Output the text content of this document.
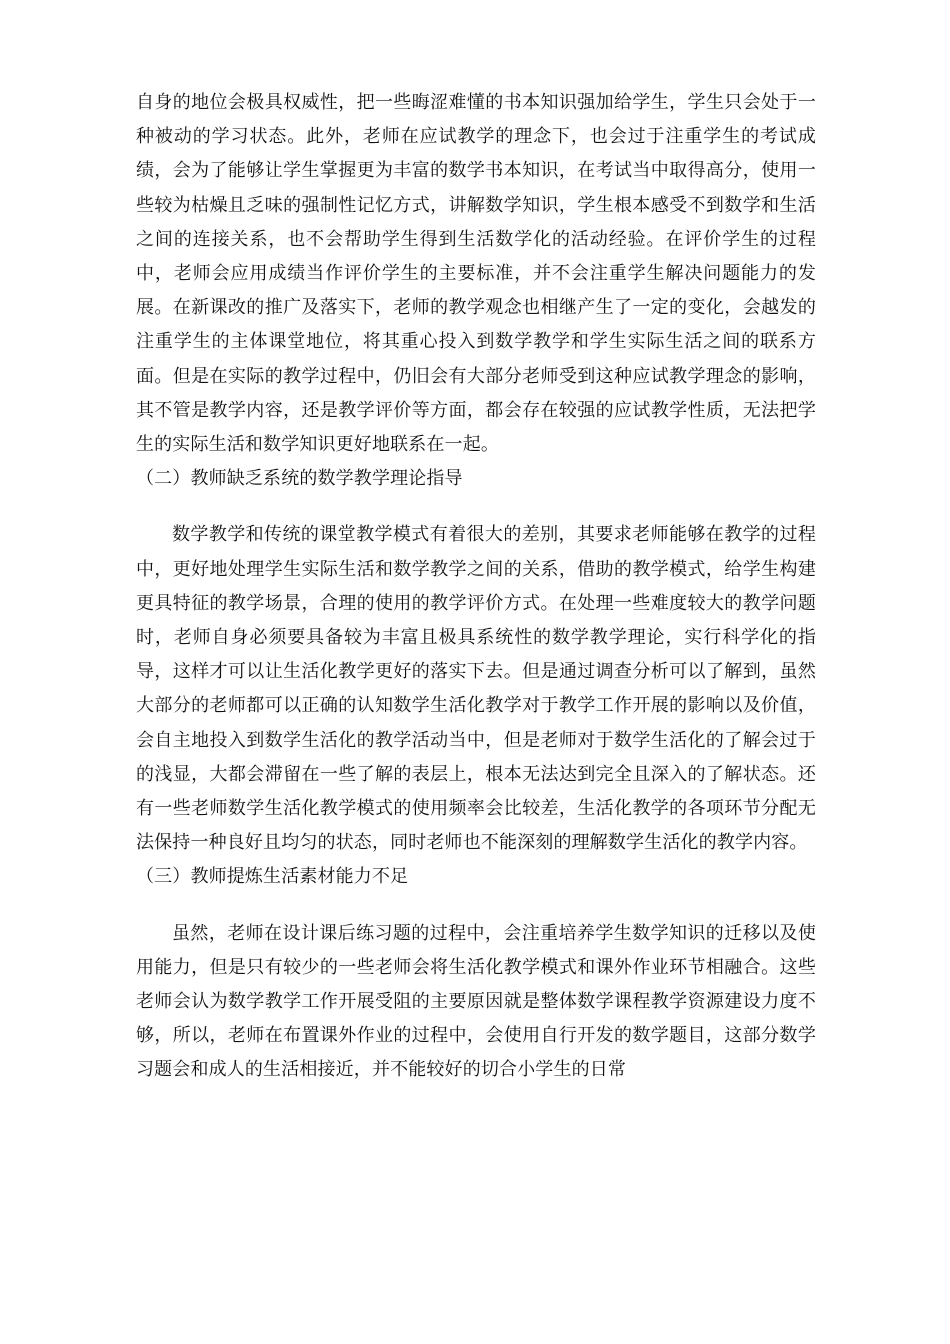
自身的地位会极具权威性，把一些晦涩难懂的书本知识强加给学生，学生只会处于一种被动的学习状态。此外，老师在应试教学的理念下，也会过于注重学生的考试成绩，会为了能够让学生掌握更为丰富的数学书本知识，在考试当中取得高分，使用一些较为枯燥且乏味的强制性记忆方式，讲解数学知识，学生根本感受不到数学和生活之间的连接关系，也不会帮助学生得到生活数学化的活动经验。在评价学生的过程中，老师会应用成绩当作评价学生的主要标准，并不会注重学生解决问题能力的发展。在新课改的推广及落实下，老师的教学观念也相继产生了一定的变化，会越发的注重学生的主体课堂地位，将其重心投入到数学教学和学生实际生活之间的联系方面。但是在实际的教学过程中，仍旧会有大部分老师受到这种应试教学理念的影响，其不管是教学内容，还是教学评价等方面，都会存在较强的应试教学性质，无法把学生的实际生活和数学知识更好地联系在一起。

（二）教师缺乏系统的数学教学理论指导

数学教学和传统的课堂教学模式有着很大的差别，其要求老师能够在教学的过程中，更好地处理学生实际生活和数学教学之间的关系，借助的教学模式，给学生构建更具特征的教学场景，合理的使用的教学评价方式。在处理一些难度较大的教学问题时，老师自身必须要具备较为丰富且极具系统性的数学教学理论，实行科学化的指导，这样才可以让生活化教学更好的落实下去。但是通过调查分析可以了解到，虽然大部分的老师都可以正确的认知数学生活化教学对于教学工作开展的影响以及价值，会自主地投入到数学生活化的教学活动当中，但是老师对于数学生活化的了解会过于的浅显，大都会滞留在一些了解的表层上，根本无法达到完全且深入的了解状态。还有一些老师数学生活化教学模式的使用频率会比较差，生活化教学的各项环节分配无法保持一种良好且均匀的状态，同时老师也不能深刻的理解数学生活化的教学内容。

（三）教师提炼生活素材能力不足

虽然，老师在设计课后练习题的过程中，会注重培养学生数学知识的迁移以及使用能力，但是只有较少的一些老师会将生活化教学模式和课外作业环节相融合。这些老师会认为数学教学工作开展受阻的主要原因就是整体数学课程教学资源建设力度不够，所以，老师在布置课外作业的过程中，会使用自行开发的数学题目，这部分数学习题会和成人的生活相接近，并不能较好的切合小学生的日常
